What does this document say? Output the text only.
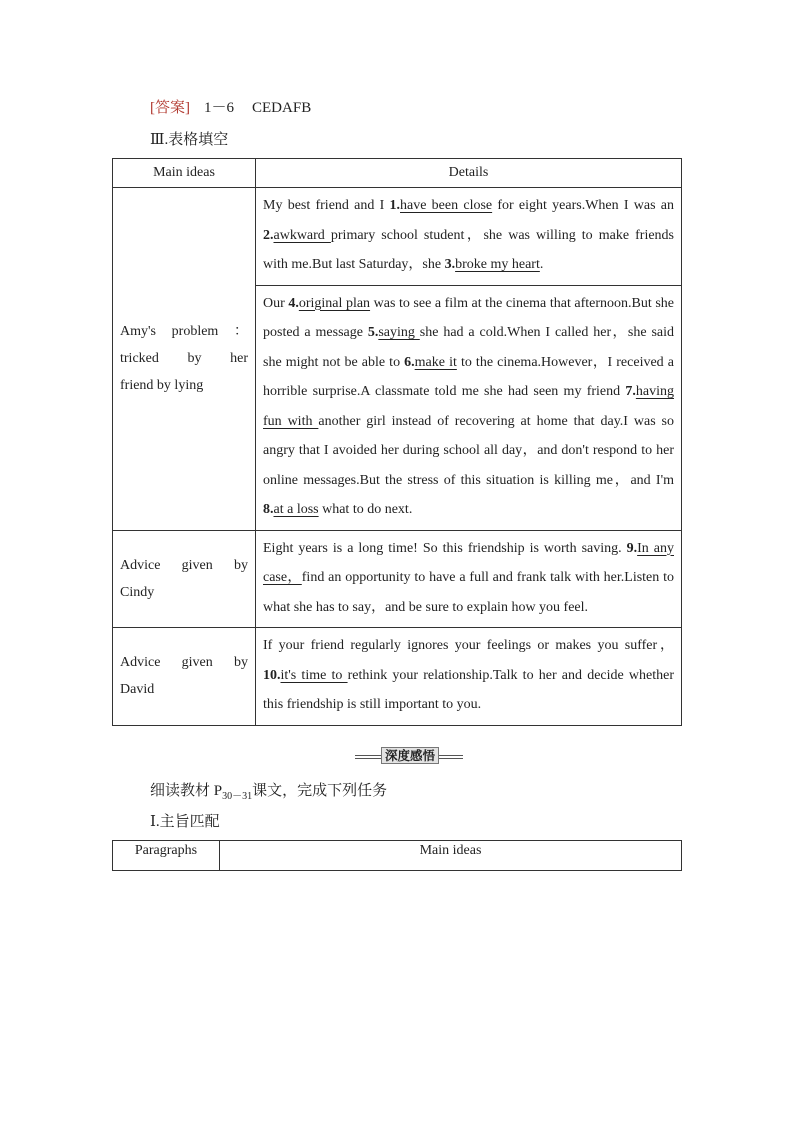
[答案] 1－6 CEDAFB
Ⅲ.表格填空
Main ideas	Details

Amy's problem ：
tricked by her
friend by lying	My best friend and I 1.have been close for eight years.When I was an 2.awkward primary school student，she was willing to make friends with me.But last Saturday，she 3.broke my heart.
	Our 4.original plan was to see a film at the cinema that afternoon.But she posted a message 5.saying she had a cold.When I called her，she said she might not be able to 6.make it to the cinema.However，I received a horrible surprise.A classmate told me she had seen my friend 7.having fun with another girl instead of recovering at home that day.I was so angry that I avoided her during school all day，and don't respond to her online messages.But the stress of this situation is killing me，and I'm 8.at a loss what to do next.

Advice given by
Cindy	Eight years is a long time! So this friendship is worth saving. 9.In any case，find an opportunity to have a full and frank talk with her.Listen to what she has to say，and be sure to explain how you feel.

Advice given by
David	If your friend regularly ignores your feelings or makes you suffer，10.it's time to rethink your relationship.Talk to her and decide whether this friendship is still important to you.
深度感悟
细读教材 $P_{30-31}$课文，完成下列任务
Ⅰ.主旨匹配
Paragraphs	Main ideas
